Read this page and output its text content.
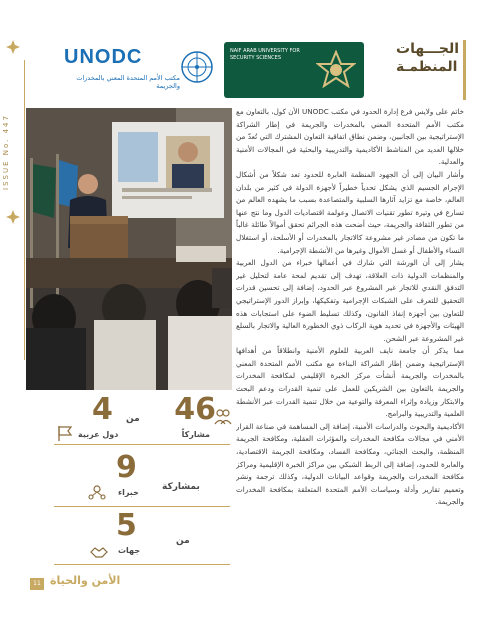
ISSUE No. 447
الجـــهات
المنظمـة
NAIF ARAB UNIVERSITY FOR SECURITY SCIENCES
UNODC
مكتب الأمم المتحدة المعني بالمخدرات والجريمة

خاتم على ولايس فرع إدارة الحدود في مكتب UNODC الأن كول، بالتعاون مع مكتب الأمم المتحدة المعني بالمخدرات والجريمة في إطار الشراكة الإستراتيجية بين الجانبين، وضمن نطاق اتفاقية التعاون المشترك التي تُعدّ من خلالها العديد من المناشط الأكاديمية والتدريبية والبحثية في المجالات الأمنية والعدلية.

وأشار البيان إلى أن الجهود المنظمة العابرة للحدود تعد شكلاً من أشكال الإجرام الجسيم الذي يشكل تحدياً خطيراً لأجهزة الدولة في كثير من بلدان العالم، خاصة مع تزايد آثارها السلبية والمتصاعدة بسبب ما يشهده العالم من تسارع في وتيرة تطور تقنيات الاتصال وعولمة اقتصاديات الدول وما نتج عنها من تطور الثقافة والجريمة، حيث أضحت هذه الجرائم تحقق أموالاً طائلة غالباً ما تكون من مصادر غير مشروعة كالاتجار بالمخدرات أو الأسلحة، أو استغلال النساء والأطفال أو غسل الأموال وغيرها من الأنشطة الإجرامية.

يشار إلى أن الورشة التي شارك في أعمالها خبراء من الدول العربية والمنظمات الدولية ذات العلاقة، تهدف إلى تقديم لمحة عامة لتحليل غير التدفق النقدي للاتجار غير المشروع عبر الحدود، إضافة إلى تحسين قدرات التحقيق للتعرف على الشبكات الإجرامية وتفكيكها، وإبراز الدور الإستراتيجي للتعاون بين أجهزة إنفاذ القانون، وكذلك تسليط الضوء على استجابات هذه الهيئات والأجهزة في تحديد هوية الركاب ذوي الخطورة العالية والاتجار بالسلع غير المشروعة عبر الشحن.

مما يذكر أن جامعة نايف العربية للعلوم الأمنية وانطلاقاً من أهدافها الإستراتيجية وضمن إطار الشراكة البناءة مع مكتب الأمم المتحدة المعني بالمخدرات والجريمة أنشأت مركز الخبرة الإقليمي لمكافحة المخدرات والجريمة بالتعاون بين الشريكين للعمل على تنمية القدرات ودعم البحث والابتكار وزيادة وإثراء المعرفة والتوعية من خلال تنمية القدرات عبر الأنشطة العلمية والتدريبية والبرامج.

الأكاديمية والبحوث والدراسات الأمنية، إضافة إلى المساهمة في صناعة القرار الأمني في مجالات مكافحة المخدرات والمؤثرات العقلية، ومكافحة الجريمة المنظمة، والبحث الجنائي، ومكافحة الفساد، ومكافحة الجريمة الاقتصادية، والعابرة للحدود، إضافة إلى الربط الشبكي بين مراكز الخبرة الإقليمية ومراكز مكافحة المخدرات والجريمة وقواعد البيانات الدولية، وكذلك ترجمة ونشر وتعميم تقارير وأدلة وسياسات الأمم المتحدة المتعلقة بمكافحة المخدرات والجريمة.

46
مشاركاً
من
4
دول عربية
9
خبراء
بمشاركة
5
جهات
من
11 الأمن والحياة
